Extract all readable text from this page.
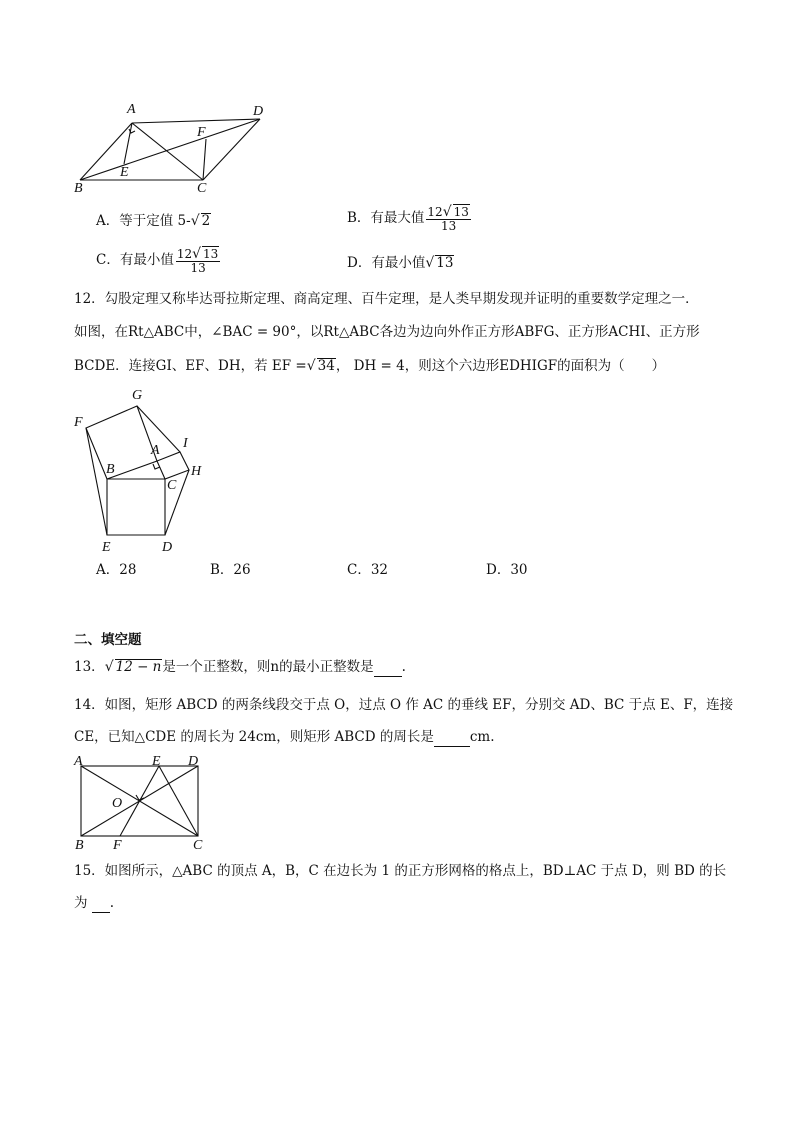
A	D
F
E
B	C
A．等于定值 5-√ 2	B．有最大值 $\frac{12√ 13}{13}$
C．有最小值 $\frac{12√ 13}{13}$	D．有最小值√ 13
12．勾股定理又称毕达哥拉斯定理、商高定理、百牛定理，是人类早期发现并证明的重要数学定理之一．
如图，在Rt△ABC中，∠BAC = 90°，以Rt△ABC各边为边向外作正方形ABFG、正方形ACHI、正方形
BCDE．连接GI、EF、DH，若 EF =√ 34， DH = 4，则这个六边形EDHIGF的面积为（　　）
G
F
A I
B
C
H
E	D
A．28	B．26	C．32	D．30
二、填空题
13．√ 12 − n是一个正整数，则n的最小正整数是 .
14．如图，矩形 ABCD 的两条线段交于点 O，过点 O 作 AC 的垂线 EF，分别交 AD、BC 于点 E、F，连接
CE，已知△CDE 的周长为 24cm，则矩形 ABCD 的周长是	cm.
A	E D
O
B F	C
15．如图所示，△ABC 的顶点 A，B，C 在边长为 1 的正方形网格的格点上，BD⊥AC 于点 D，则 BD 的长
为 .
